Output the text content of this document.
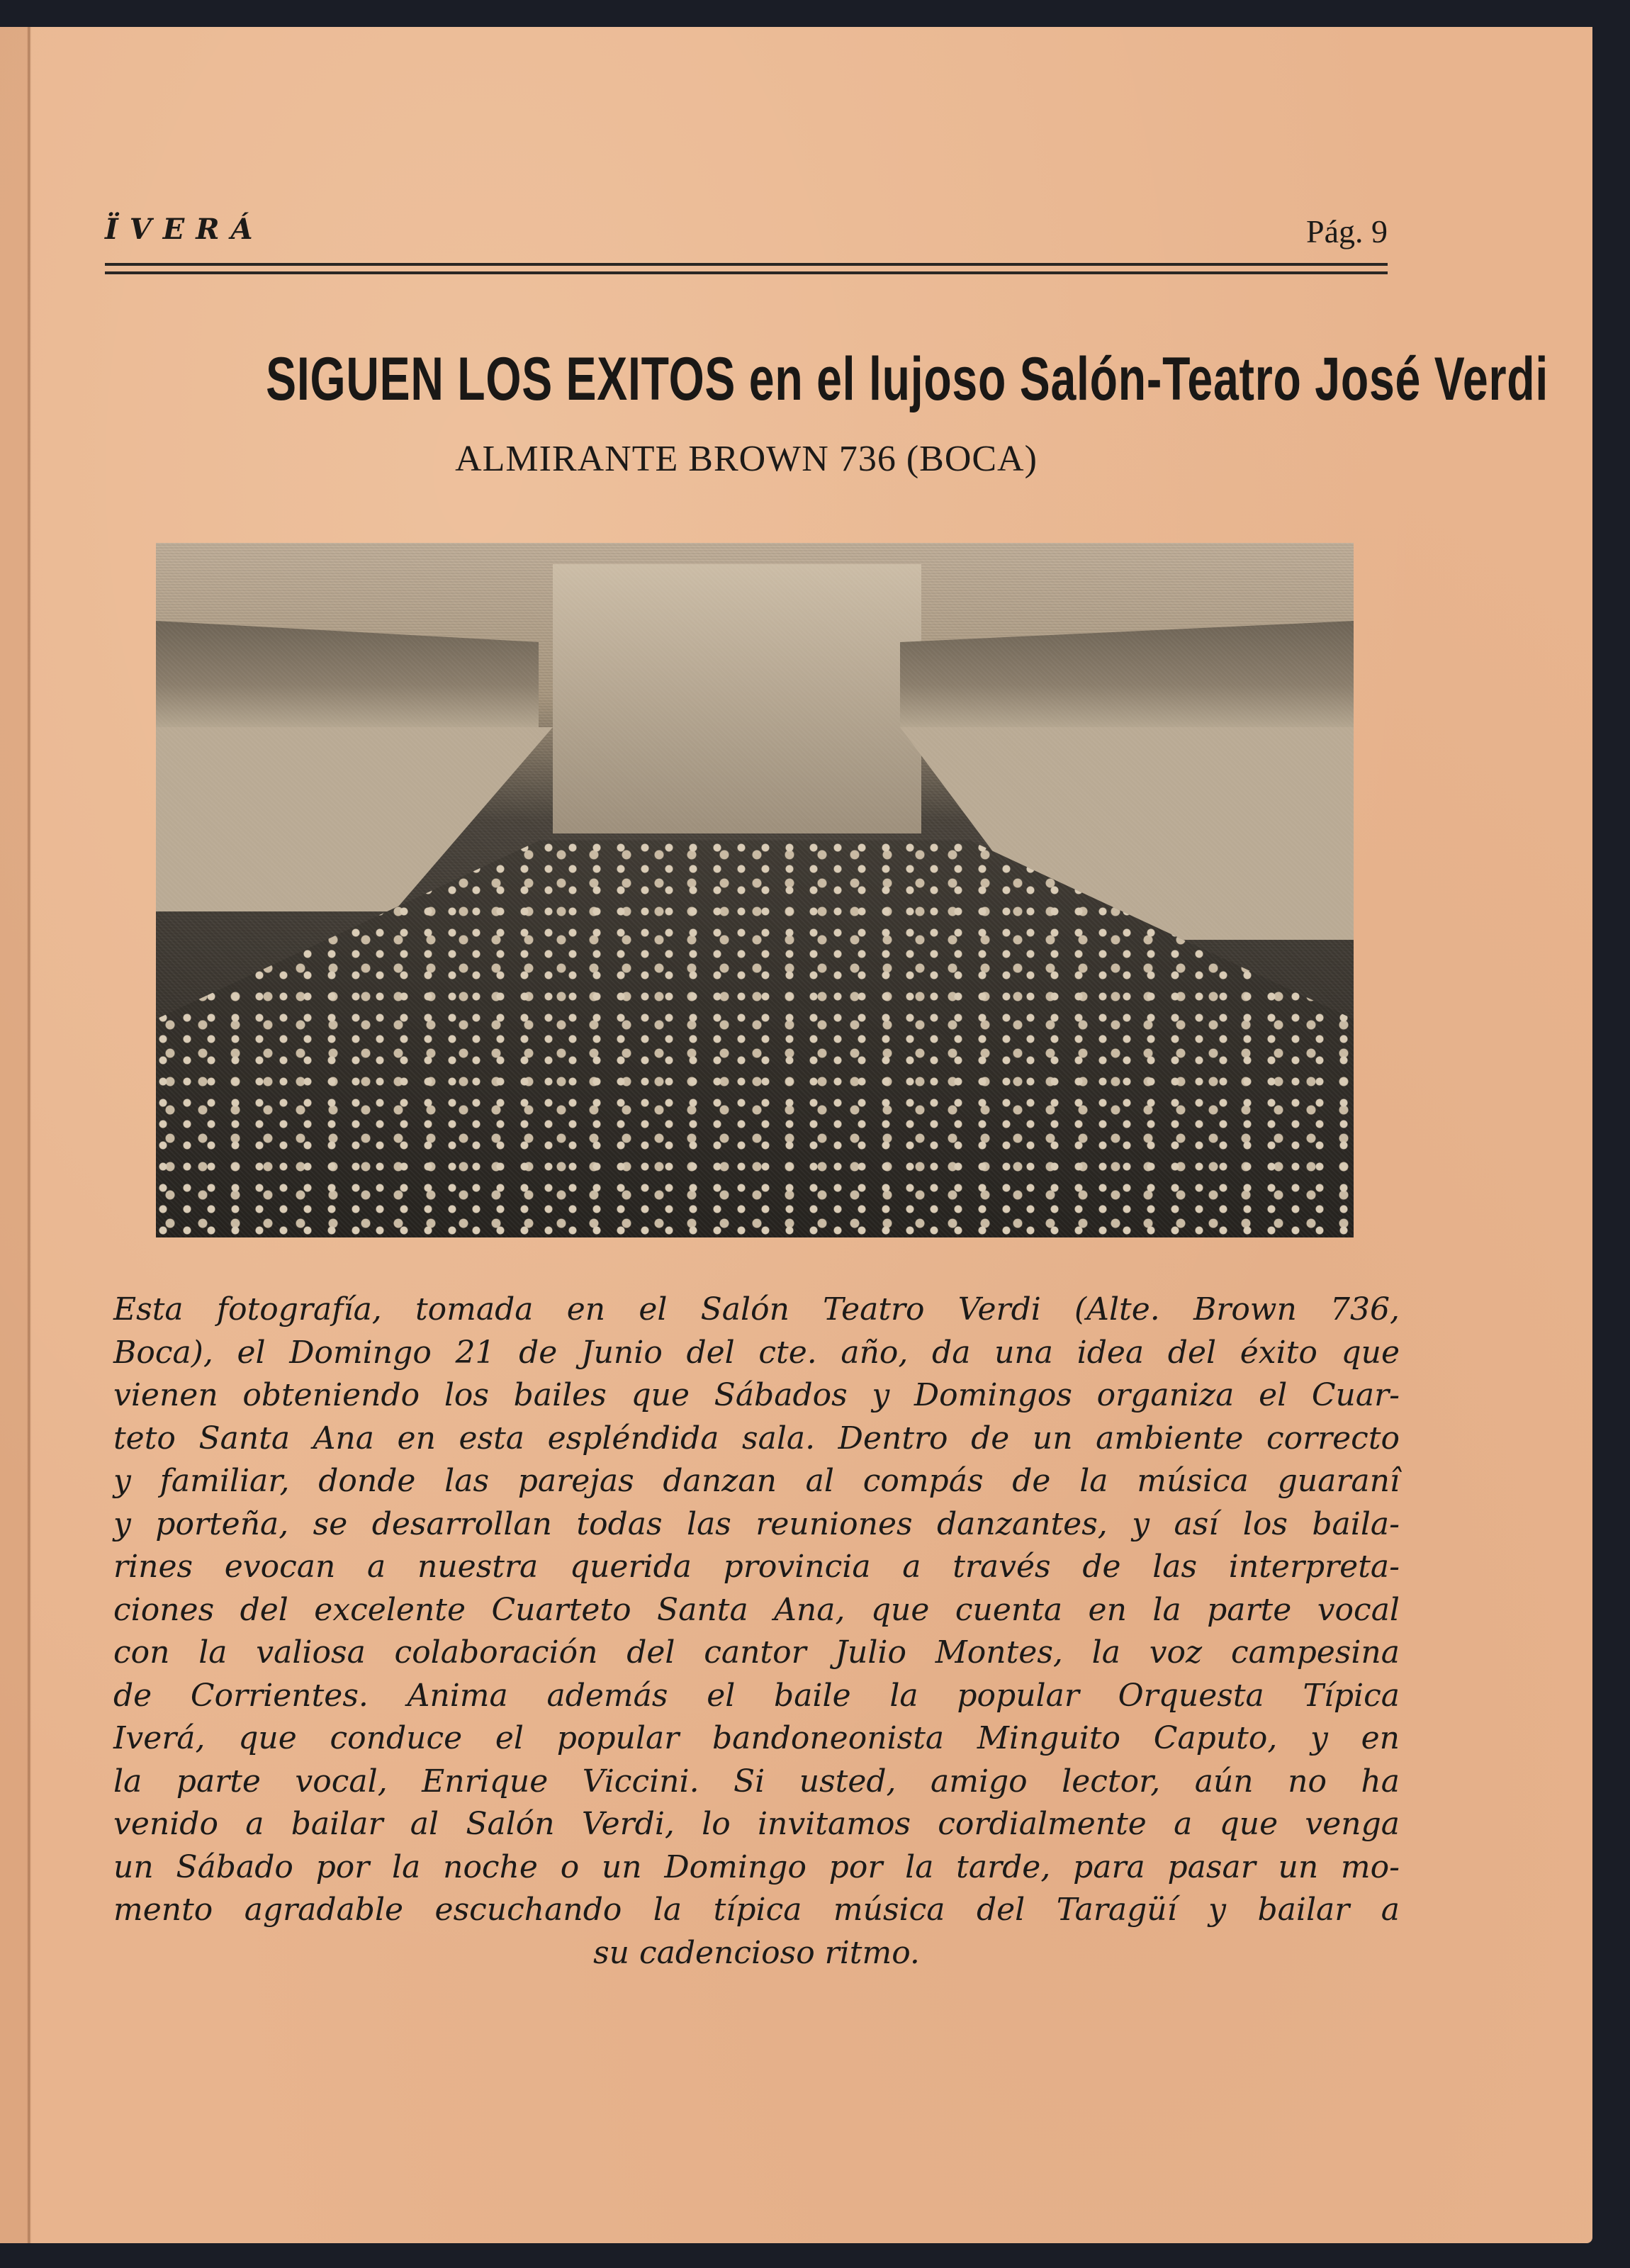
ÏVERÁ	Pág. 9
SIGUEN LOS EXITOS en el lujoso Salón-Teatro José Verdi
ALMIRANTE BROWN 736 (BOCA)
Esta fotografía, tomada en el Salón Teatro Verdi (Alte. Brown 736,
Boca), el Domingo 21 de Junio del cte. año, da una idea del éxito que
vienen obteniendo los bailes que Sábados y Domingos organiza el Cuar-
teto Santa Ana en esta espléndida sala. Dentro de un ambiente correcto
y familiar, donde las parejas danzan al compás de la música guaranî
y porteña, se desarrollan todas las reuniones danzantes, y así los baila-
rines evocan a nuestra querida provincia a través de las interpreta-
ciones del excelente Cuarteto Santa Ana, que cuenta en la parte vocal
con la valiosa colaboración del cantor Julio Montes, la voz campesina
de Corrientes. Anima además el baile la popular Orquesta Típica
Iverá, que conduce el popular bandoneonista Minguito Caputo, y en
la parte vocal, Enrique Viccini. Si usted, amigo lector, aún no ha
venido a bailar al Salón Verdi, lo invitamos cordialmente a que venga
un Sábado por la noche o un Domingo por la tarde, para pasar un mo-
mento agradable escuchando la típica música del Taragüí y bailar a
su cadencioso ritmo.
